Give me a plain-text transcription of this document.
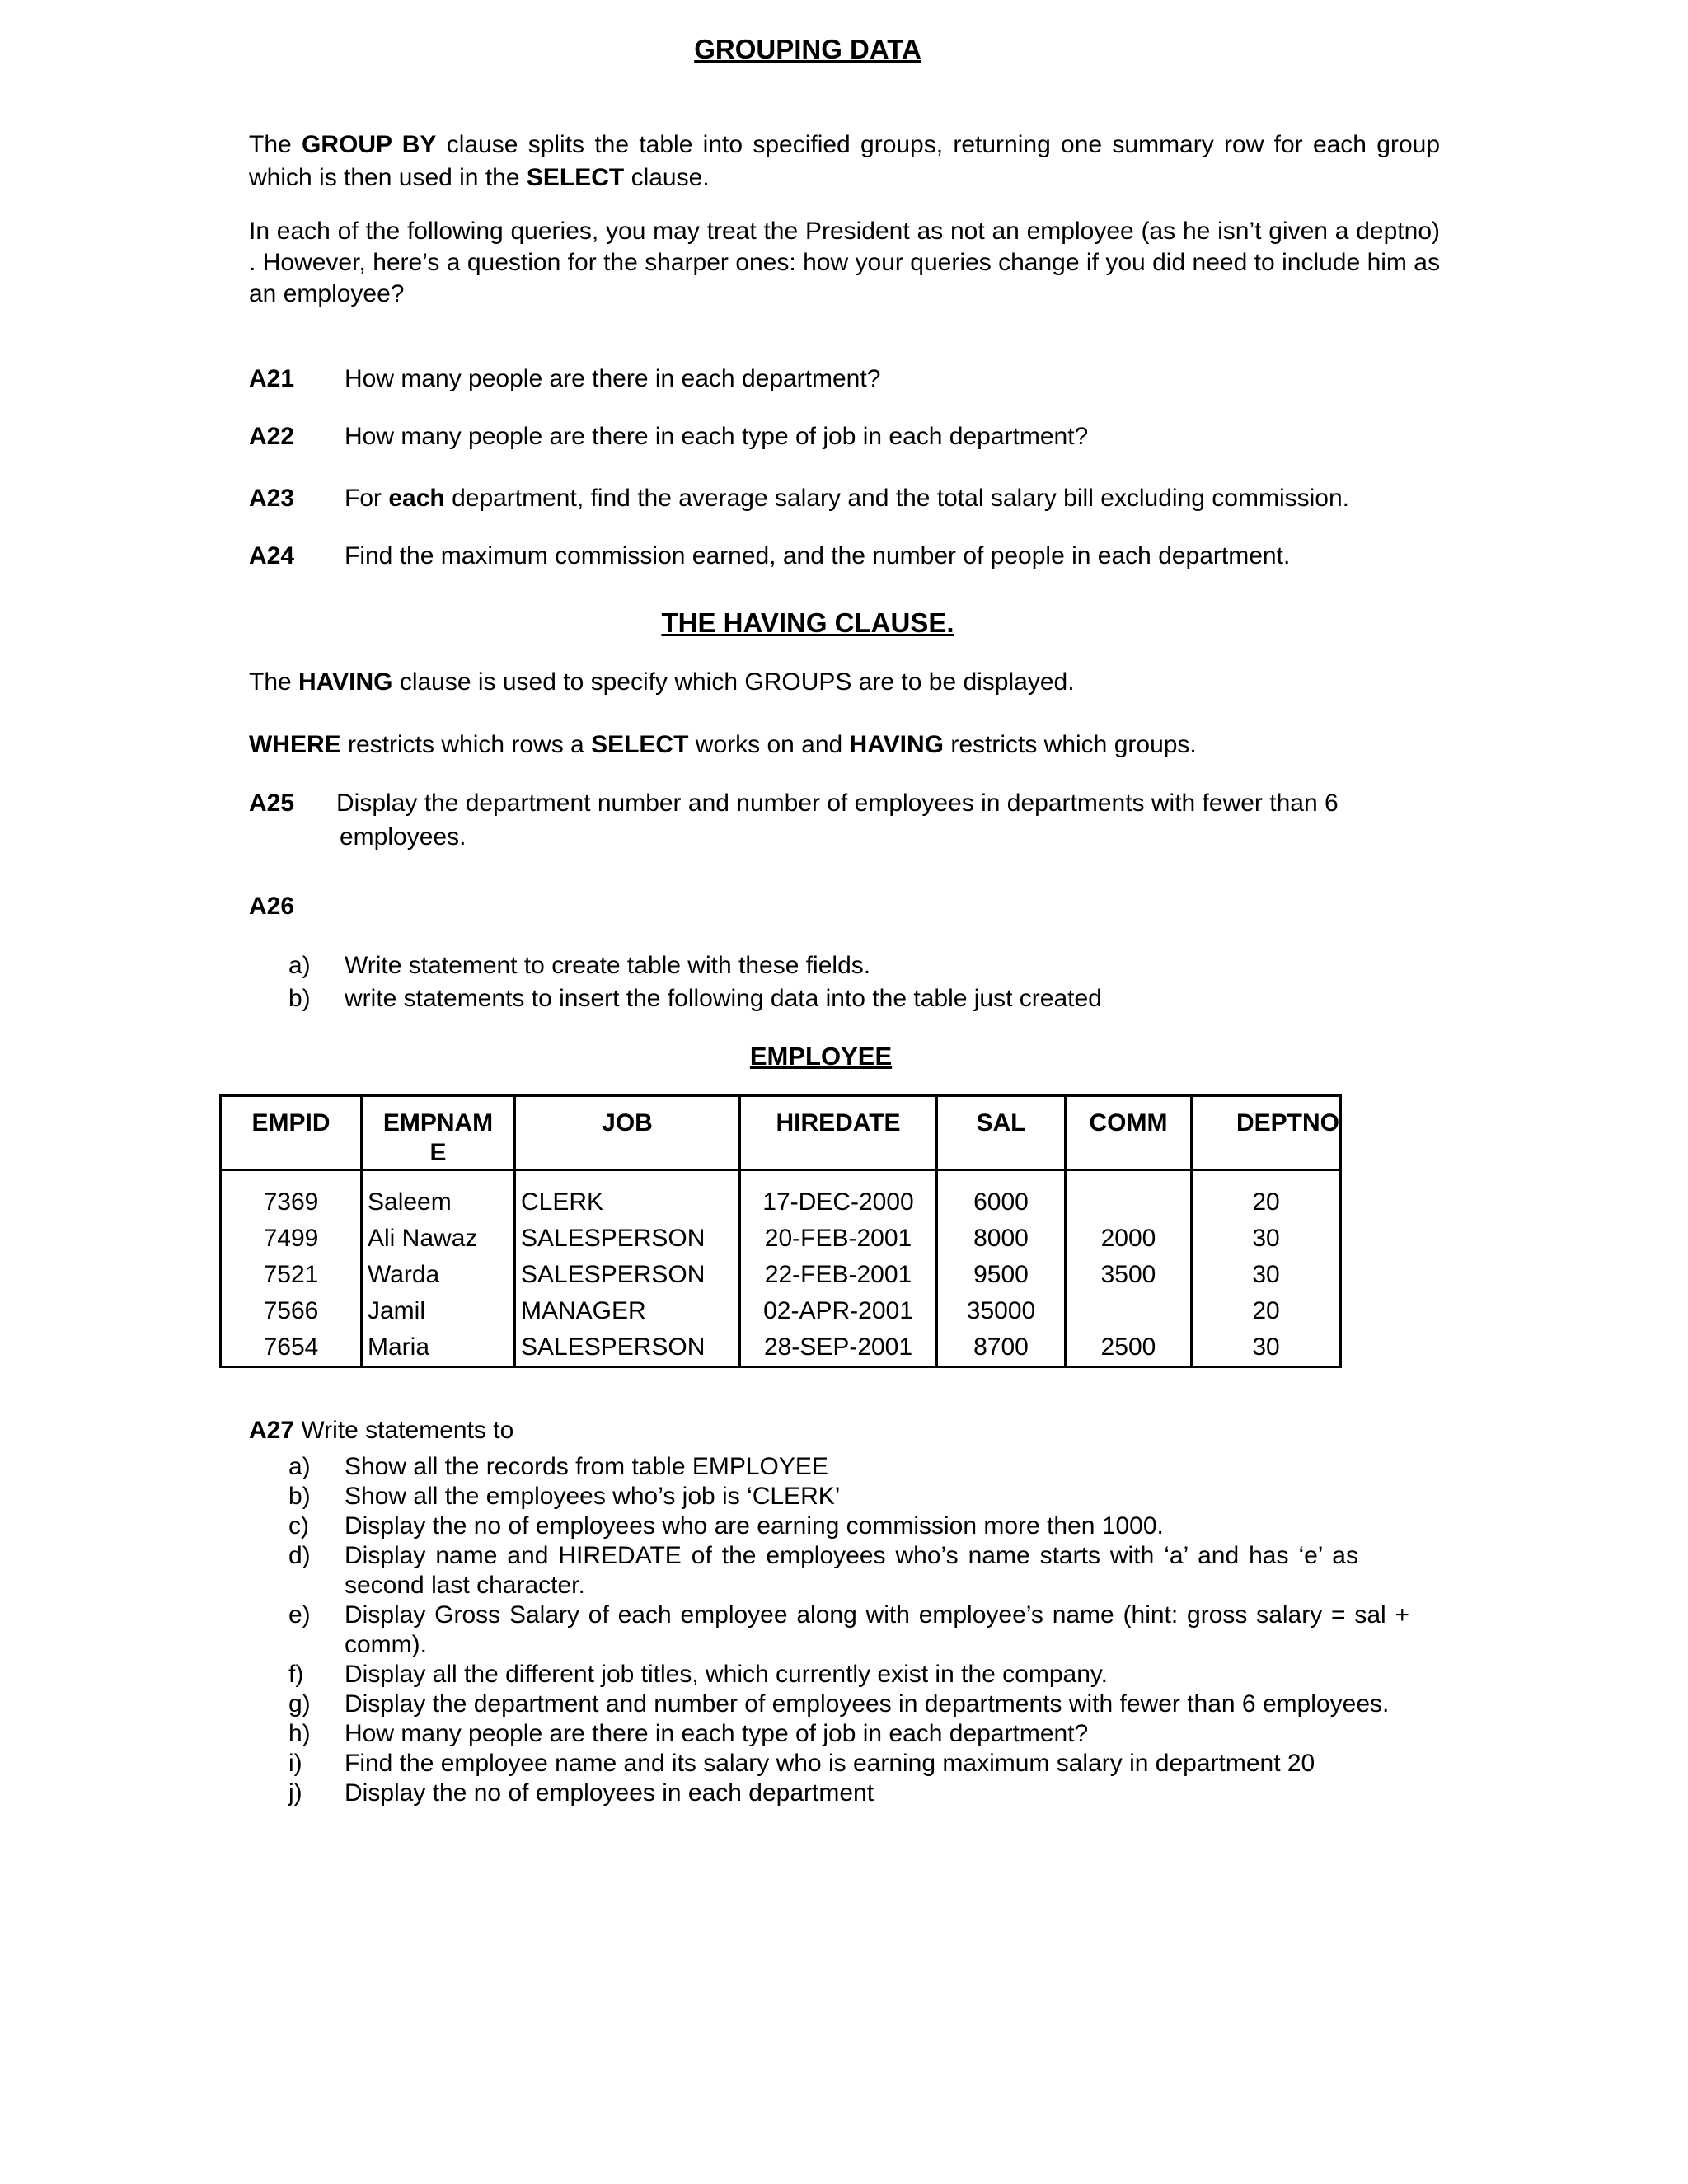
GROUPING DATA
The GROUP BY clause splits the table into specified groups, returning one summary row for each group which is then used in the SELECT clause.
In each of the following queries, you may treat the President as not an employee (as he isn’t given a deptno) . However, here’s a question for the sharper ones: how your queries change if you did need to include him as an employee?
A21 How many people are there in each department?
A22 How many people are there in each type of job in each department?
A23 For each department, find the average salary and the total salary bill excluding commission.
A24 Find the maximum commission earned, and the number of people in each department.
THE HAVING CLAUSE.
The HAVING clause is used to specify which GROUPS are to be displayed.
WHERE restricts which rows a SELECT works on and HAVING restricts which groups.
A25 Display the department number and number of employees in departments with fewer than 6
employees.
A26
a) Write statement to create table with these fields.
b) write statements to insert the following data into the table just created
EMPLOYEE
EMPID	EMPNAM
E	JOB	HIREDATE	SAL	COMM	DEPTNO
7369	Saleem	CLERK	17-DEC-2000	6000		20
7499	Ali Nawaz	SALESPERSON	20-FEB-2001	8000	2000	30
7521	Warda	SALESPERSON	22-FEB-2001	9500	3500	30
7566	Jamil	MANAGER	02-APR-2001	35000		20
7654	Maria	SALESPERSON	28-SEP-2001	8700	2500	30
A27 Write statements to
a) Show all the records from table EMPLOYEE
b) Show all the employees who’s job is ‘CLERK’
c) Display the no of employees who are earning commission more then 1000.
d) Display name and HIREDATE of the employees who’s name starts with ‘a’ and has ‘e’ as
second last character.
e) Display Gross Salary of each employee along with employee’s name (hint: gross salary = sal +
comm).
f) Display all the different job titles, which currently exist in the company.
g) Display the department and number of employees in departments with fewer than 6 employees.
h) How many people are there in each type of job in each department?
i) Find the employee name and its salary who is earning maximum salary in department 20
j) Display the no of employees in each department
